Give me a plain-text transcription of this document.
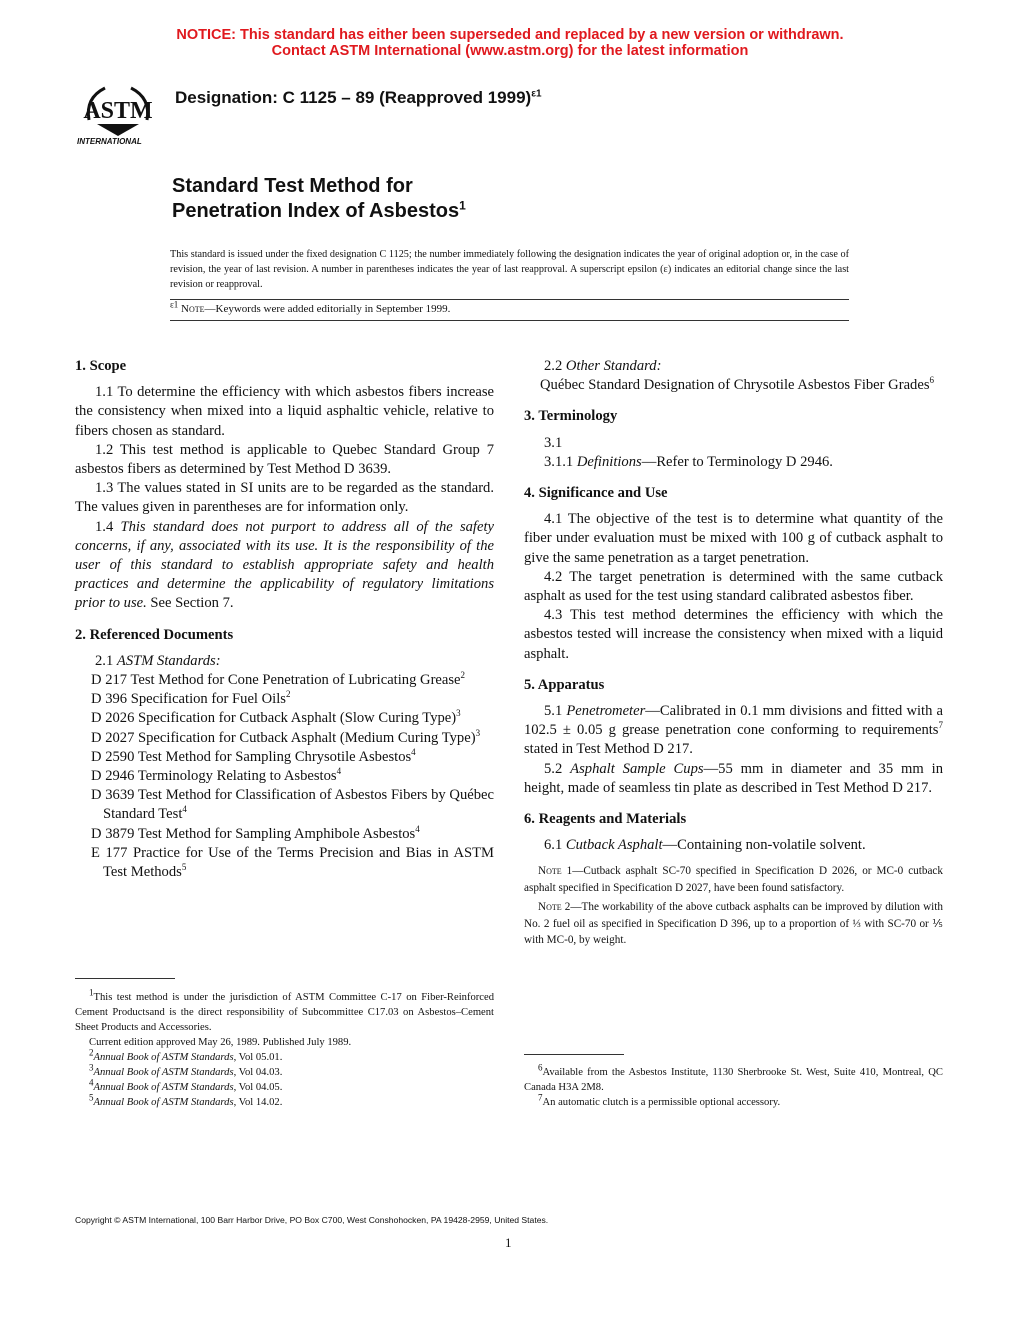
NOTICE: This standard has either been superseded and replaced by a new version or withdrawn.
Contact ASTM International (www.astm.org) for the latest information
ASTM
INTERNATIONAL
Designation: C 1125 – 89 (Reapproved 1999)$^{\varepsilon 1}$
Standard Test Method for
Penetration Index of Asbestos$^1$
This standard is issued under the fixed designation C 1125; the number immediately following the designation indicates the year of original adoption or, in the case of revision, the year of last revision. A number in parentheses indicates the year of last reapproval. A superscript epsilon (ε) indicates an editorial change since the last revision or reapproval.
$^{\varepsilon 1}$ Note—Keywords were added editorially in September 1999.
1. Scope

1.1 To determine the efficiency with which asbestos fibers increase the consistency when mixed into a liquid asphaltic vehicle, relative to fibers chosen as standard.

1.2 This test method is applicable to Quebec Standard Group 7 asbestos fibers as determined by Test Method D 3639.

1.3 The values stated in SI units are to be regarded as the standard. The values given in parentheses are for information only.

1.4 This standard does not purport to address all of the safety concerns, if any, associated with its use. It is the responsibility of the user of this standard to establish appropriate safety and health practices and determine the applicability of regulatory limitations prior to use. See Section 7.

2. Referenced Documents

2.1 ASTM Standards:

D 217 Test Method for Cone Penetration of Lubricating Grease$^2$

D 396 Specification for Fuel Oils$^2$

D 2026 Specification for Cutback Asphalt (Slow Curing Type)$^3$

D 2027 Specification for Cutback Asphalt (Medium Curing Type)$^3$

D 2590 Test Method for Sampling Chrysotile Asbestos$^4$

D 2946 Terminology Relating to Asbestos$^4$

D 3639 Test Method for Classification of Asbestos Fibers by Québec Standard Test$^4$

D 3879 Test Method for Sampling Amphibole Asbestos$^4$

E 177 Practice for Use of the Terms Precision and Bias in ASTM Test Methods$^5$

$^1$This test method is under the jurisdiction of ASTM Committee C-17 on Fiber-Reinforced Cement Productsand is the direct responsibility of Subcommittee C17.03 on Asbestos–Cement Sheet Products and Accessories.

Current edition approved May 26, 1989. Published July 1989.

$^2$Annual Book of ASTM Standards, Vol 05.01.

$^3$Annual Book of ASTM Standards, Vol 04.03.

$^4$Annual Book of ASTM Standards, Vol 04.05.

$^5$Annual Book of ASTM Standards, Vol 14.02.

2.2 Other Standard:

Québec Standard Designation of Chrysotile Asbestos Fiber Grades$^6$

3. Terminology

3.1

3.1.1 Definitions—Refer to Terminology D 2946.

4. Significance and Use

4.1 The objective of the test is to determine what quantity of the fiber under evaluation must be mixed with 100 g of cutback asphalt to give the same penetration as a target penetration.

4.2 The target penetration is determined with the same cutback asphalt as used for the test using standard calibrated asbestos fiber.

4.3 This test method determines the efficiency with which the asbestos tested will increase the consistency when mixed with a liquid asphalt.

5. Apparatus

5.1 Penetrometer—Calibrated in 0.1 mm divisions and fitted with a 102.5 ± 0.05 g grease penetration cone conforming to requirements$^7$ stated in Test Method D 217.

5.2 Asphalt Sample Cups—55 mm in diameter and 35 mm in height, made of seamless tin plate as described in Test Method D 217.

6. Reagents and Materials

6.1 Cutback Asphalt—Containing non-volatile solvent.

Note 1—Cutback asphalt SC-70 specified in Specification D 2026, or MC-0 cutback asphalt specified in Specification D 2027, have been found satisfactory.

Note 2—The workability of the above cutback asphalts can be improved by dilution with No. 2 fuel oil as specified in Specification D 396, up to a proportion of ⅓ with SC-70 or ⅕ with MC-0, by weight.

$^6$Available from the Asbestos Institute, 1130 Sherbrooke St. West, Suite 410, Montreal, QC Canada H3A 2M8.

$^7$An automatic clutch is a permissible optional accessory.

Copyright © ASTM International, 100 Barr Harbor Drive, PO Box C700, West Conshohocken, PA 19428-2959, United States.
1
